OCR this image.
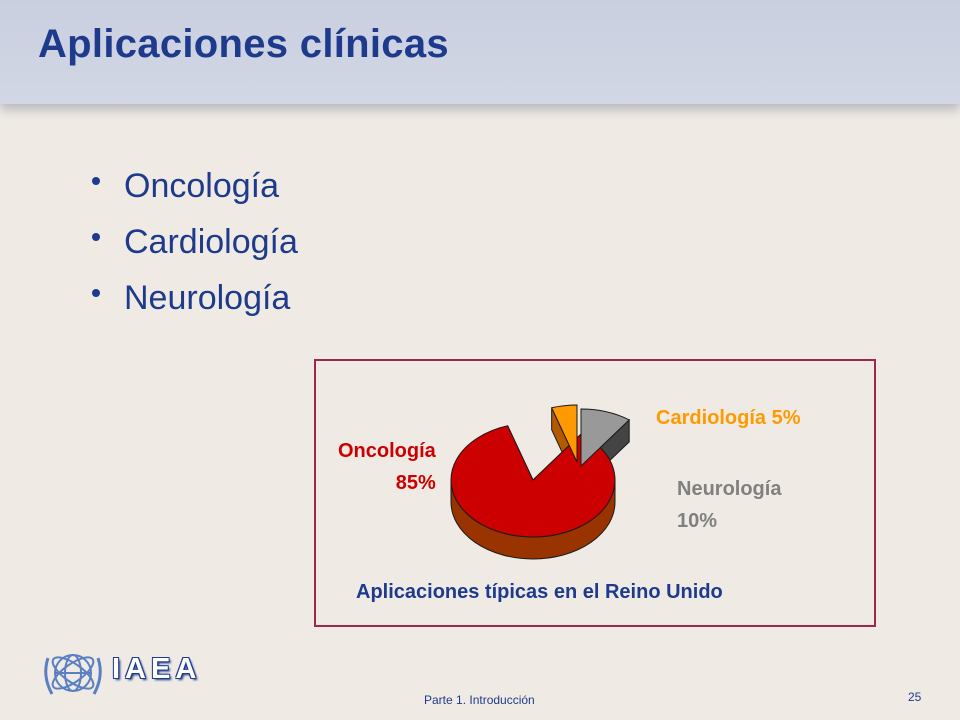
Aplicaciones clínicas
Oncología
Cardiología
Neurología
Oncología
85%
Cardiología 5%
Neurología
10%
Aplicaciones típicas en el Reino Unido
IAEA
Parte 1. Introducción	25
